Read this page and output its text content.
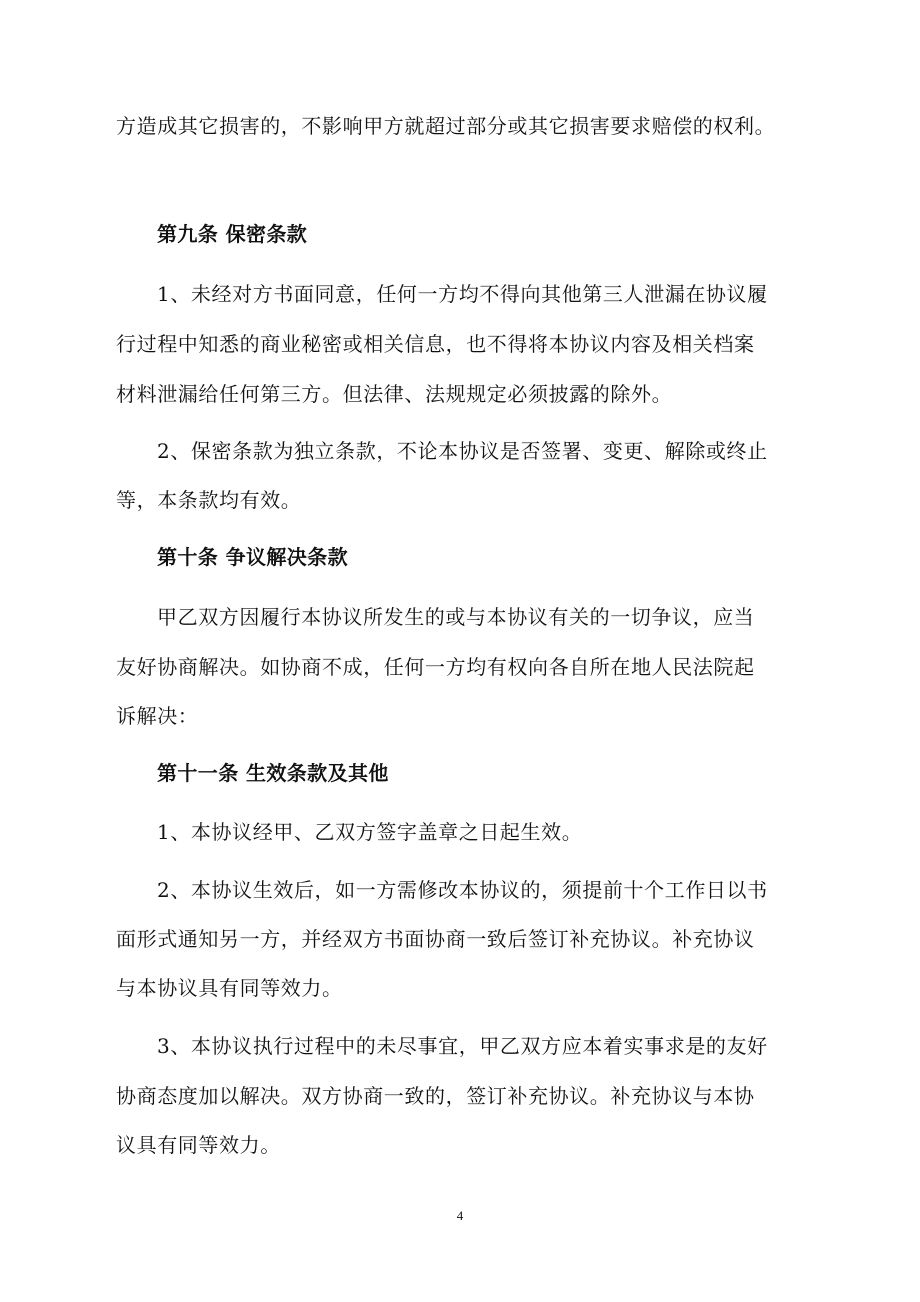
方造成其它损害的，不影响甲方就超过部分或其它损害要求赔偿的权利。
第九条 保密条款
1、未经对方书面同意，任何一方均不得向其他第三人泄漏在协议履
行过程中知悉的商业秘密或相关信息，也不得将本协议内容及相关档案
材料泄漏给任何第三方。但法律、法规规定必须披露的除外。
2、保密条款为独立条款，不论本协议是否签署、变更、解除或终止
等，本条款均有效。
第十条 争议解决条款
甲乙双方因履行本协议所发生的或与本协议有关的一切争议，应当
友好协商解决。如协商不成，任何一方均有权向各自所在地人民法院起
诉解决：
第十一条 生效条款及其他
1、本协议经甲、乙双方签字盖章之日起生效。
2、本协议生效后，如一方需修改本协议的，须提前十个工作日以书
面形式通知另一方，并经双方书面协商一致后签订补充协议。补充协议
与本协议具有同等效力。
3、本协议执行过程中的未尽事宜，甲乙双方应本着实事求是的友好
协商态度加以解决。双方协商一致的，签订补充协议。补充协议与本协
议具有同等效力。
4
